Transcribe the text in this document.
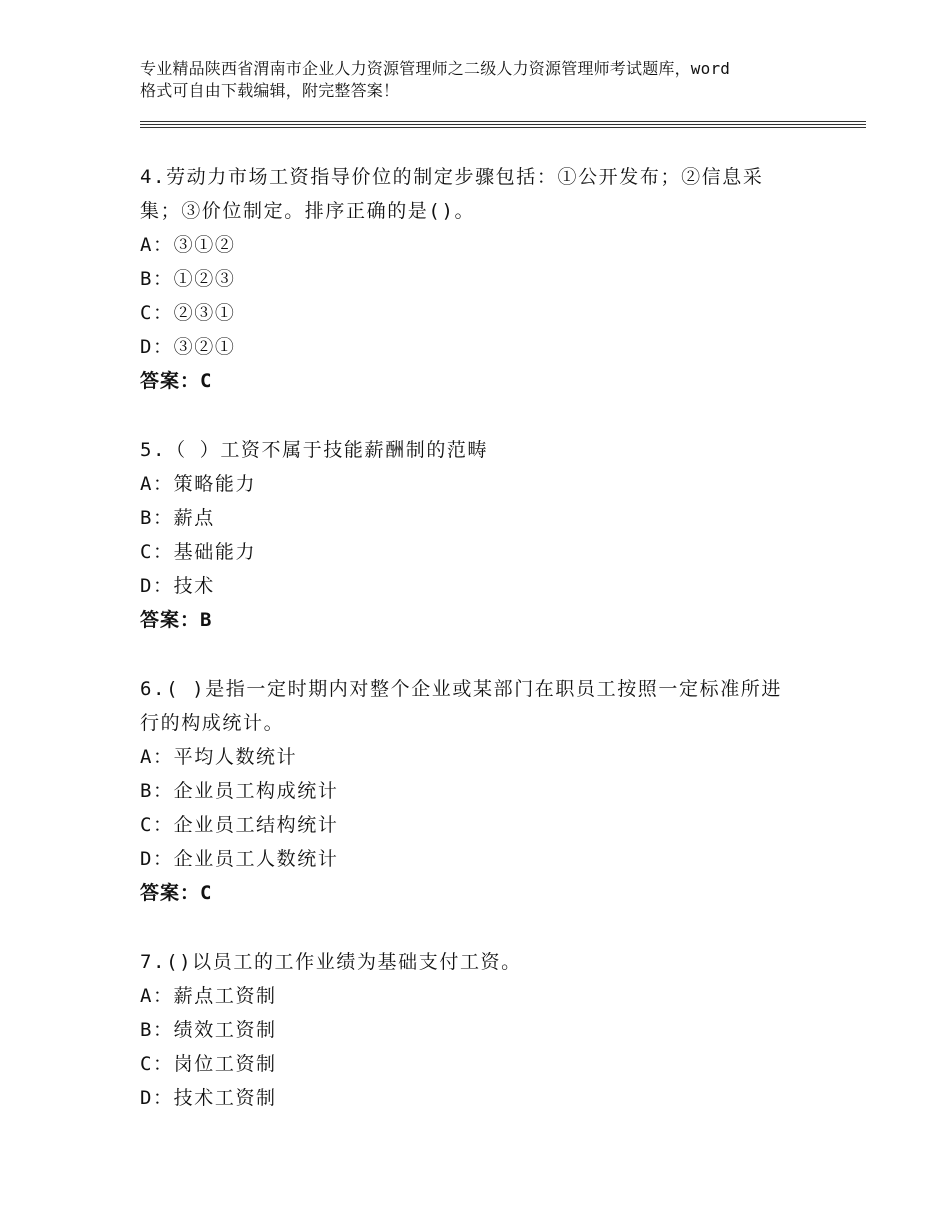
专业精品陕西省渭南市企业人力资源管理师之二级人力资源管理师考试题库，word
格式可自由下载编辑，附完整答案！
4.劳动力市场工资指导价位的制定步骤包括：①公开发布；②信息采
集；③价位制定。排序正确的是()。
A：③①②
B：①②③
C：②③①
D：③②①
答案：C
5.（ ）工资不属于技能薪酬制的范畴
A：策略能力
B：薪点
C：基础能力
D：技术
答案：B
6.( )是指一定时期内对整个企业或某部门在职员工按照一定标准所进
行的构成统计。
A：平均人数统计
B：企业员工构成统计
C：企业员工结构统计
D：企业员工人数统计
答案：C
7.()以员工的工作业绩为基础支付工资。
A：薪点工资制
B：绩效工资制
C：岗位工资制
D：技术工资制
